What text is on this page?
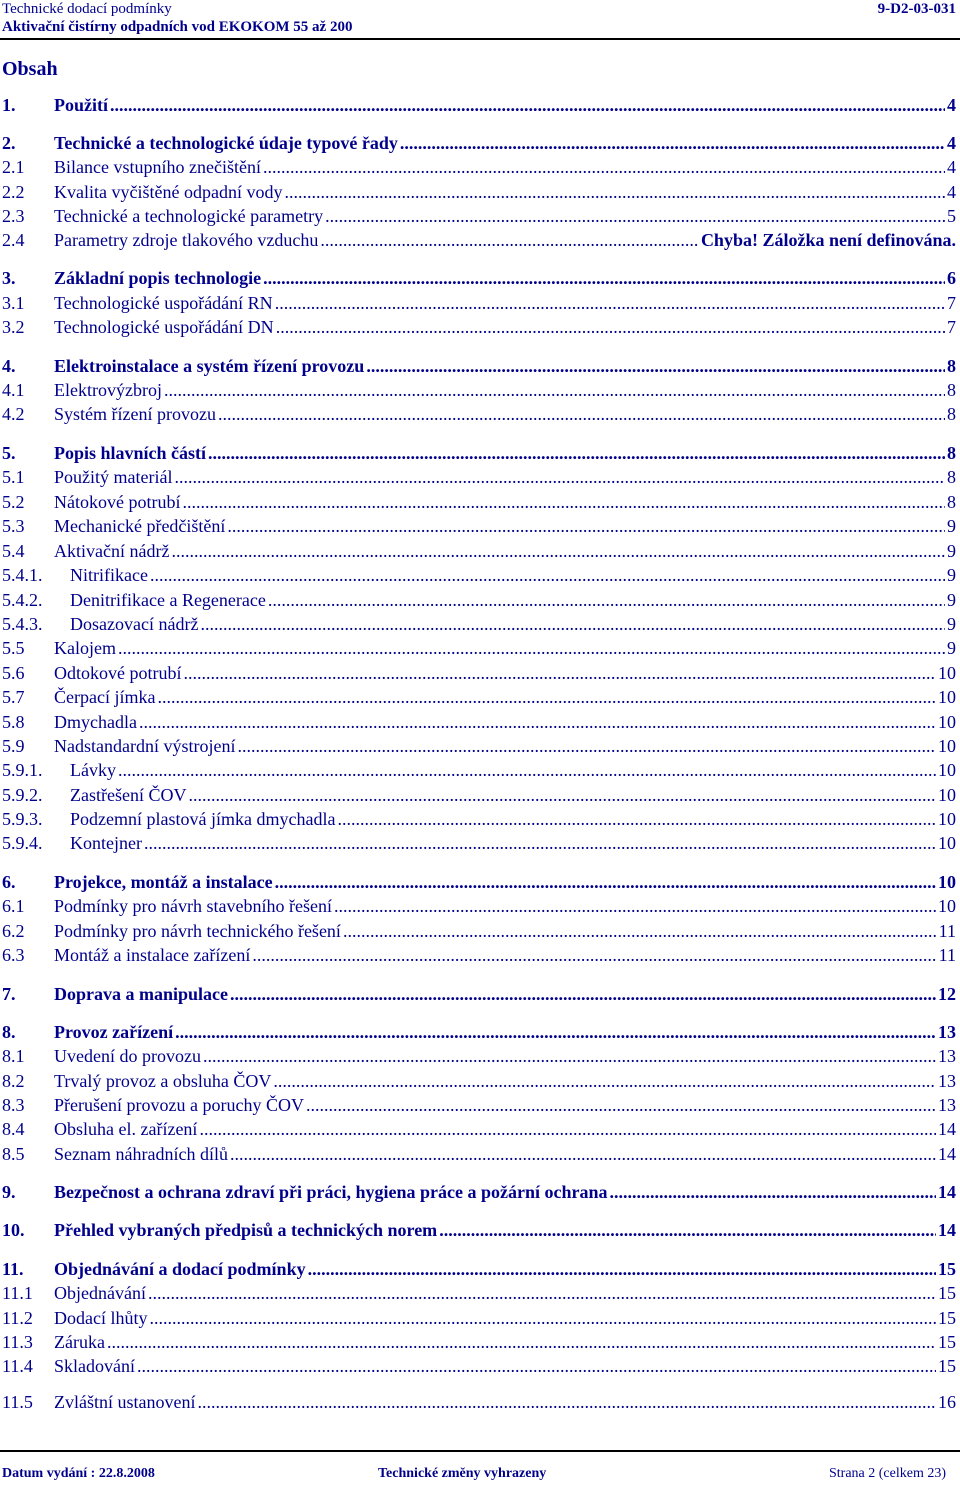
Technické dodací podmínky
Aktivační čistírny odpadních vod EKOKOM 55 až 200
9-D2-03-031
Obsah
1.	Použití .....	4
2.	Technické a technologické údaje typové řady .....	4
2.1	Bilance vstupního znečištění .....	4
2.2	Kvalita vyčištěné odpadní vody .....	4
2.3	Technické a technologické parametry .....	5
2.4	Parametry zdroje tlakového vzduchu .....	Chyba! Záložka není definována.
3.	Základní popis technologie .....	6
3.1	Technologické uspořádání RN .....	7
3.2	Technologické uspořádání DN .....	7
4.	Elektroinstalace a systém řízení provozu .....	8
4.1	Elektrovýzbroj .....	8
4.2	Systém řízení provozu .....	8
5.	Popis hlavních částí .....	8
5.1	Použitý materiál .....	8
5.2	Nátokové potrubí .....	8
5.3	Mechanické předčištění .....	9
5.4	Aktivační nádrž .....	9
5.4.1.	Nitrifikace .....	9
5.4.2.	Denitrifikace a Regenerace .....	9
5.4.3.	Dosazovací nádrž .....	9
5.5	Kalojem .....	9
5.6	Odtokové potrubí .....	10
5.7	Čerpací jímka .....	10
5.8	Dmychadla .....	10
5.9	Nadstandardní výstrojení .....	10
5.9.1.	Lávky .....	10
5.9.2.	Zastřešení ČOV .....	10
5.9.3.	Podzemní plastová jímka dmychadla .....	10
5.9.4.	Kontejner .....	10
6.	Projekce, montáž a instalace .....	10
6.1	Podmínky pro návrh stavebního řešení .....	10
6.2	Podmínky pro návrh technického řešení .....	11
6.3	Montáž a instalace zařízení .....	11
7.	Doprava a manipulace .....	12
8.	Provoz zařízení .....	13
8.1	Uvedení do provozu .....	13
8.2	Trvalý provoz a obsluha ČOV .....	13
8.3	Přerušení provozu a poruchy ČOV .....	13
8.4	Obsluha el. zařízení .....	14
8.5	Seznam náhradních dílů .....	14
9.	Bezpečnost a ochrana zdraví při práci, hygiena práce a požární ochrana .....	14
10.	Přehled vybraných předpisů a technických norem .....	14
11.	Objednávání a dodací podmínky .....	15
11.1	Objednávání .....	15
11.2	Dodací lhůty .....	15
11.3	Záruka .....	15
11.4	Skladování .....	15
11.5	Zvláštní ustanovení .....	16
Datum vydání : 22.8.2008	Technické změny vyhrazeny	Strana 2 (celkem 23)
